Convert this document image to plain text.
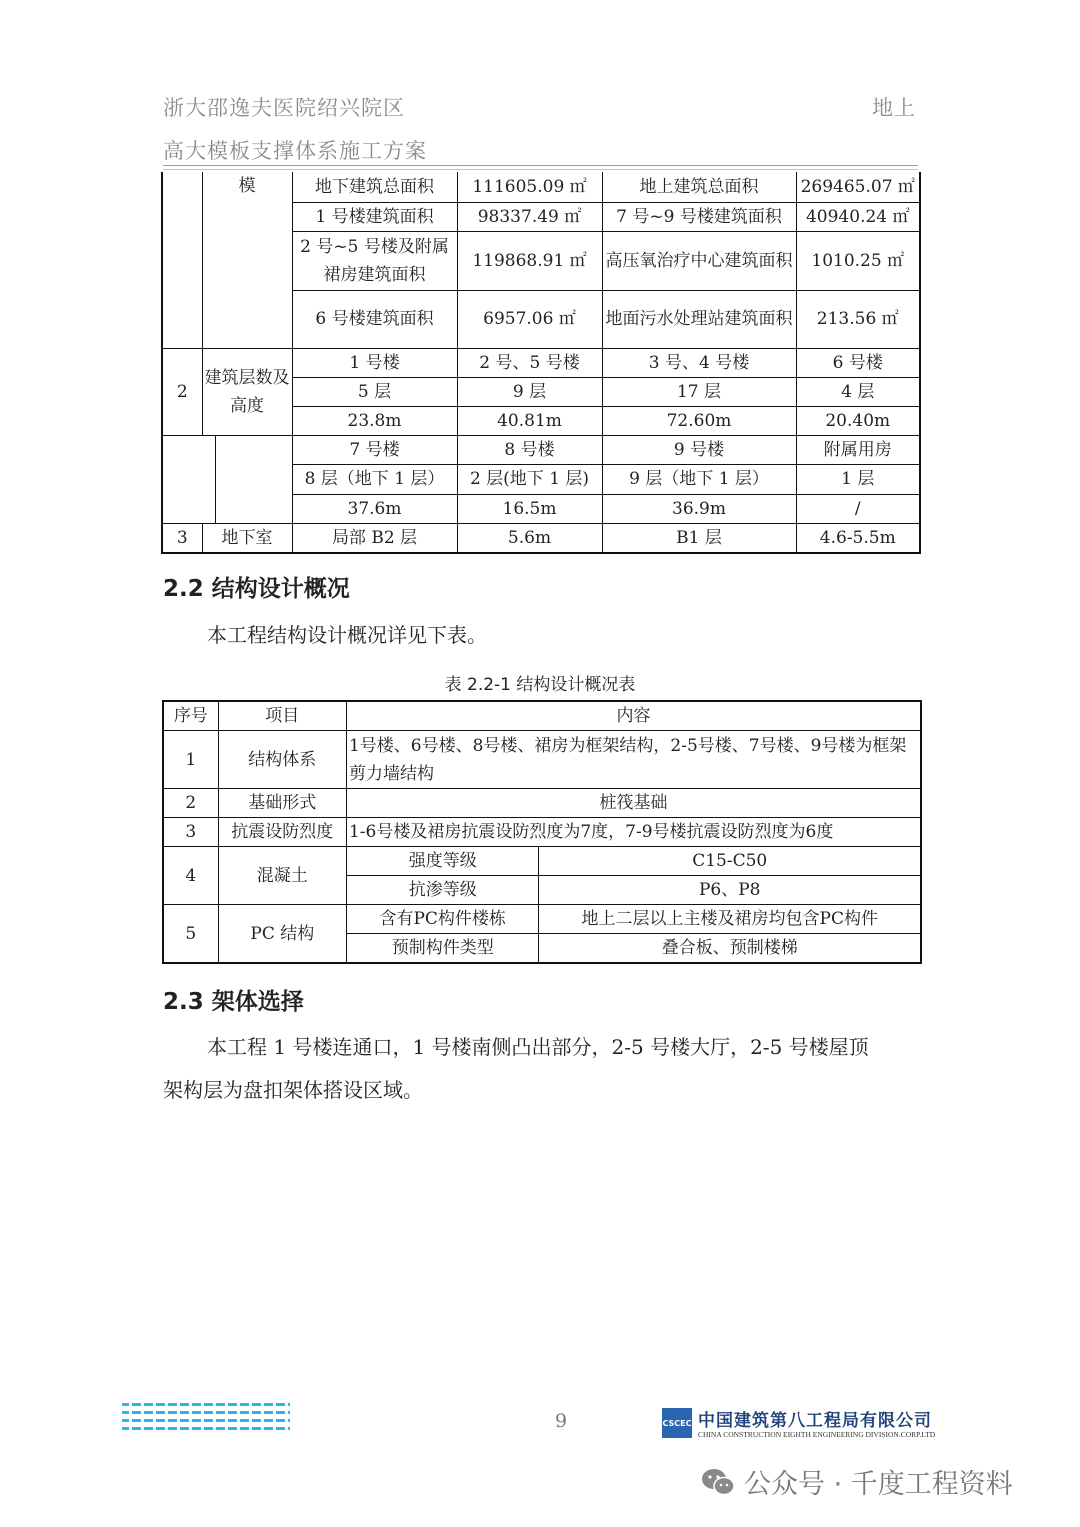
浙大邵逸夫医院绍兴院区	地上
高大模板支撑体系施工方案
	模		地下建筑总面积	111605.09 ㎡	地上建筑总面积	269465.07 ㎡
			1 号楼建筑面积	98337.49 ㎡	7 号~9 号楼建筑面积	40940.24 ㎡
			2 号~5 号楼及附属裙房建筑面积	119868.91 ㎡	高压氧治疗中心建筑面积	1010.25 ㎡
			6 号楼建筑面积	6957.06 ㎡	地面污水处理站建筑面积	213.56 ㎡
2	建筑层数及高度		1 号楼	2 号、5 号楼	3 号、4 号楼	6 号楼
			5 层	9 层	17 层	4 层
			23.8m	40.81m	72.60m	20.40m
			7 号楼	8 号楼	9 号楼	附属用房
			8 层（地下 1 层）	2 层(地下 1 层)	9 层（地下 1 层）	1 层
			37.6m	16.5m	36.9m	/
3	地下室		局部 B2 层	5.6m	B1 层	4.6-5.5m
2.2 结构设计概况
本工程结构设计概况详见下表。
表 2.2-1 结构设计概况表
序号	项目	内容	
1	结构体系	1号楼、6号楼、8号楼、裙房为框架结构，2-5号楼、7号楼、9号楼为框架剪力墙结构	
2	基础形式	桩筏基础	
3	抗震设防烈度	1-6号楼及裙房抗震设防烈度为7度，7-9号楼抗震设防烈度为6度	
4	混凝土	强度等级	C15-C50
		抗渗等级	P6、P8
5	PC 结构	含有PC构件楼栋	地上二层以上主楼及裙房均包含PC构件
		预制构件类型	叠合板、预制楼梯
2.3 架体选择
本工程 1 号楼连通口，1 号楼南侧凸出部分，2-5 号楼大厅，2-5 号楼屋顶
架构层为盘扣架体搭设区域。
9	CSCEC 中国建筑第八工程局有限公司
CHINA CONSTRUCTION EIGHTH ENGINEERING DIVISION.CORP.LTD
公众号 · 千度工程资料
